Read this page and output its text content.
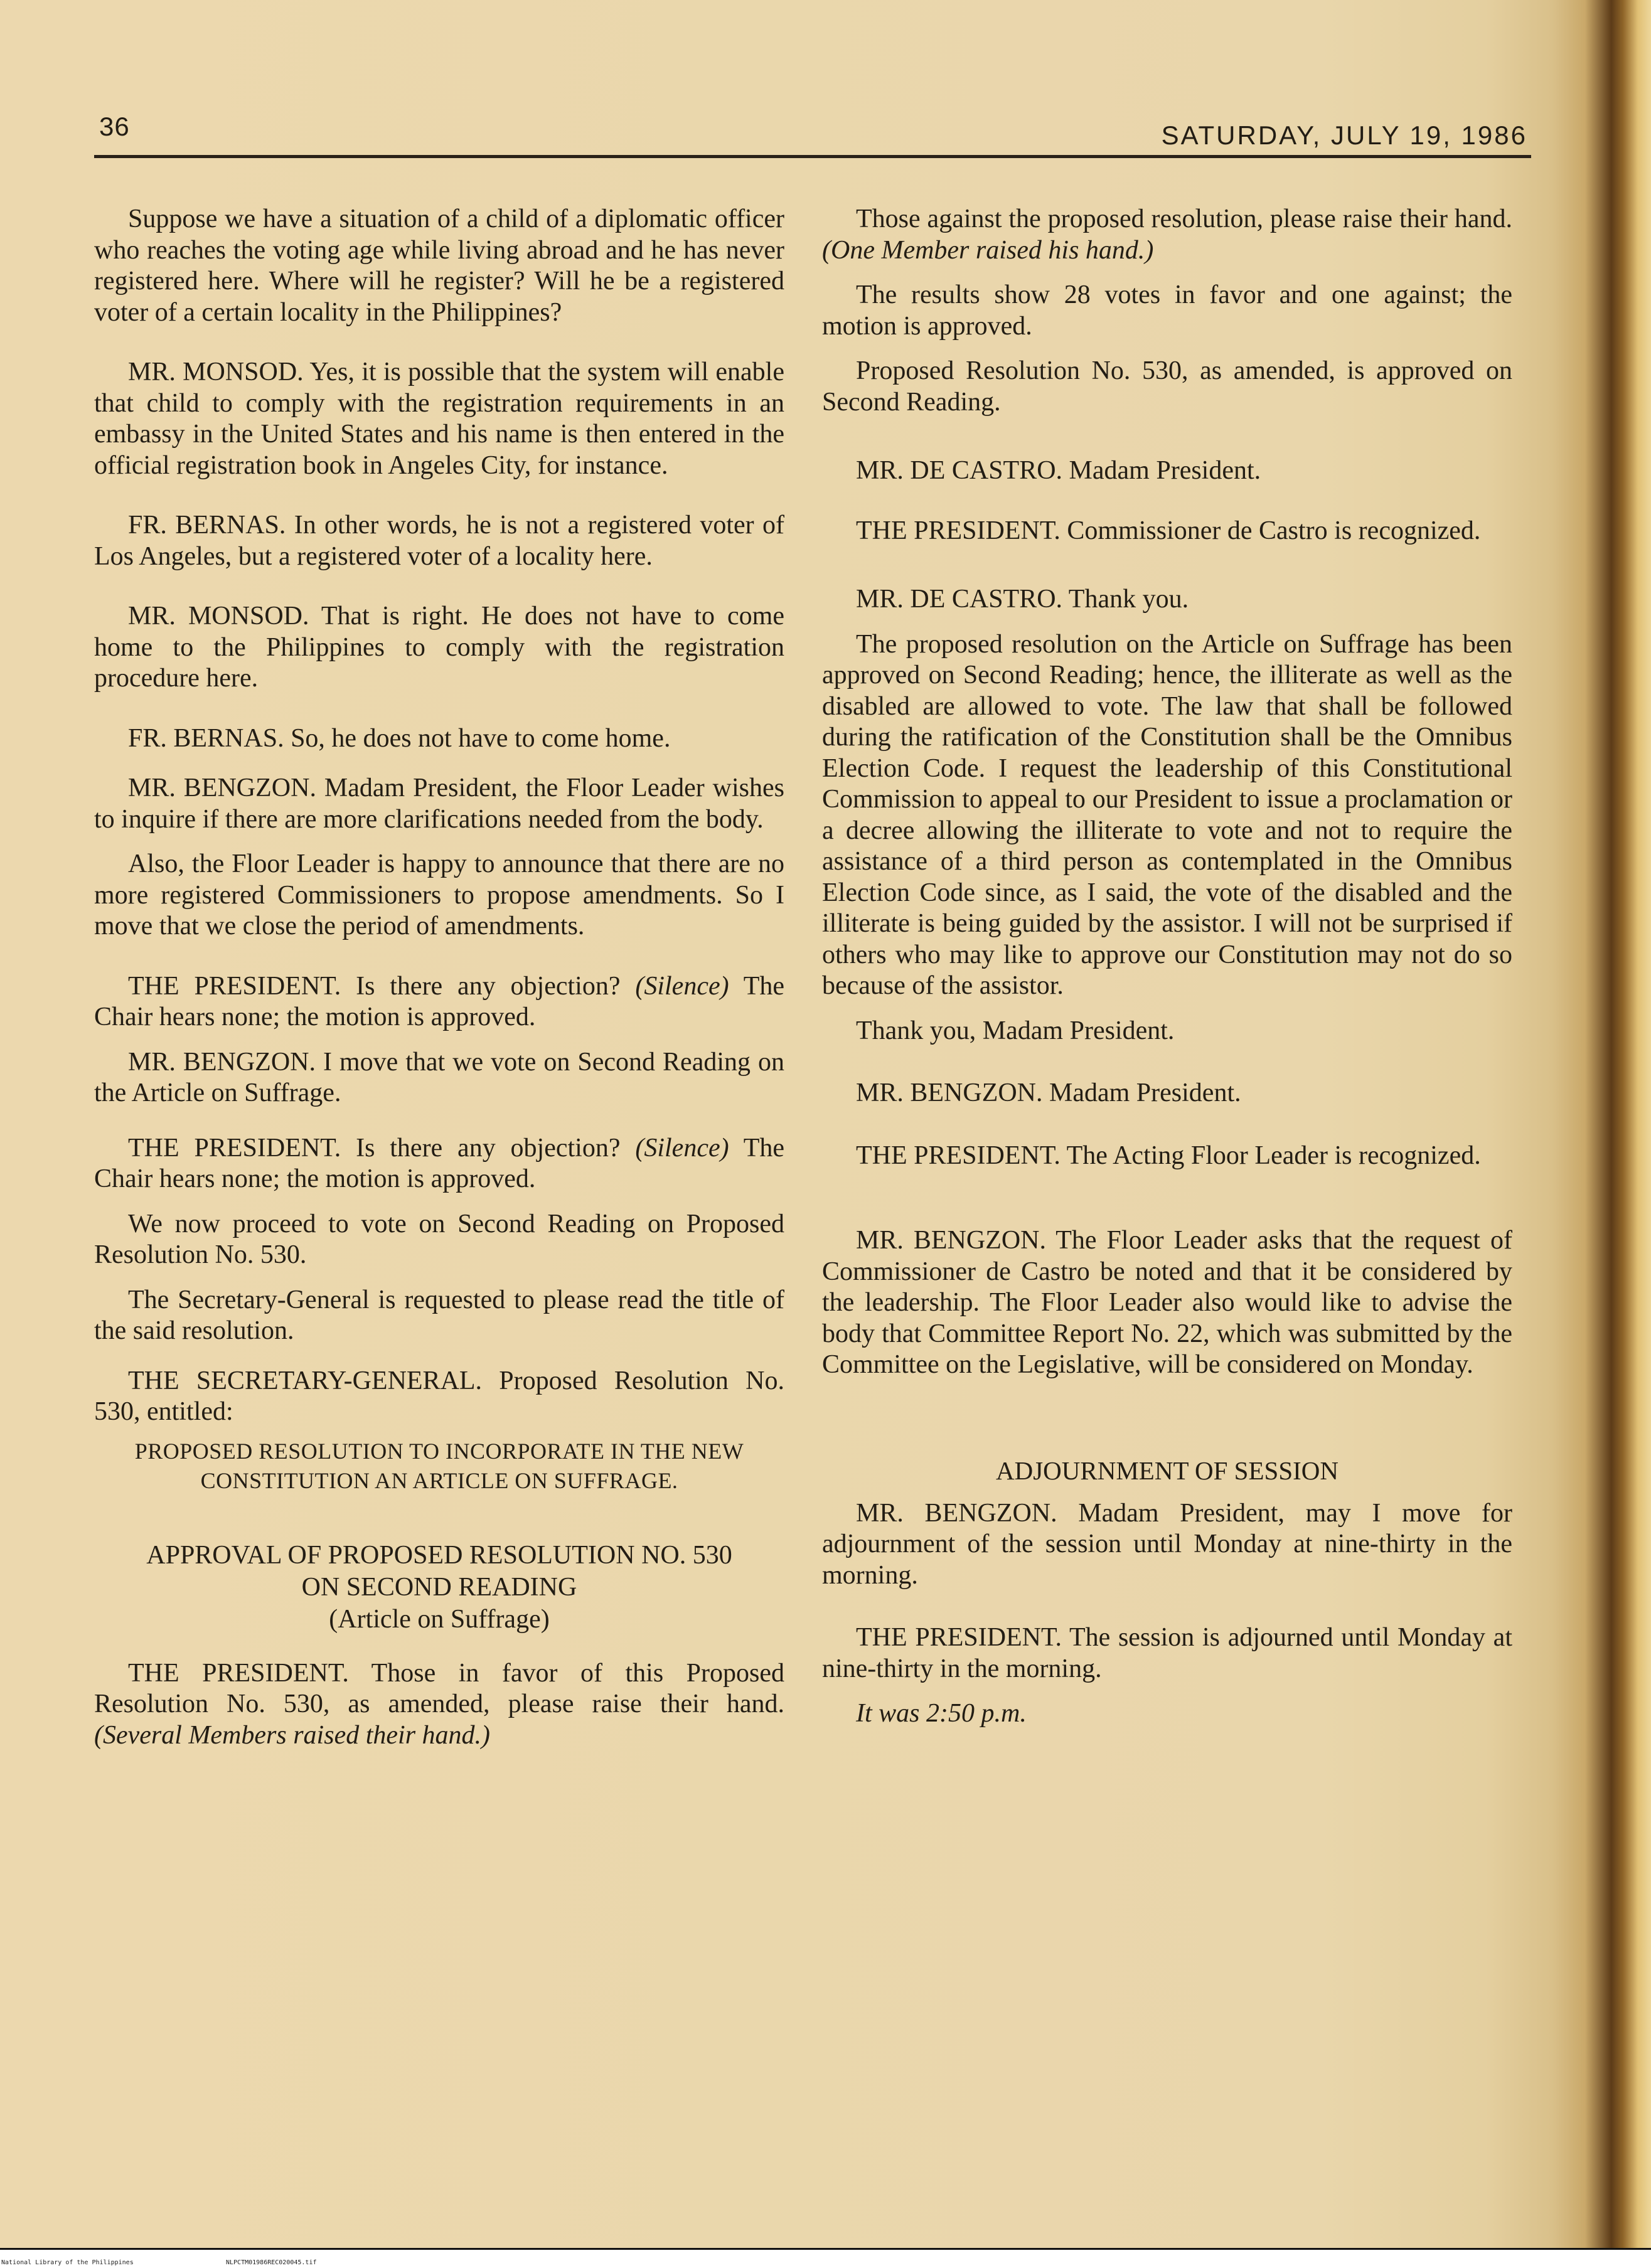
36	SATURDAY, JULY 19, 1986

Suppose we have a situation of a child of a diplomatic officer who reaches the voting age while living abroad and he has never registered here. Where will he register? Will he be a registered voter of a certain locality in the Philippines?

MR. MONSOD. Yes, it is possible that the system will enable that child to comply with the registration requirements in an embassy in the United States and his name is then entered in the official registration book in Angeles City, for instance.

FR. BERNAS. In other words, he is not a registered voter of Los Angeles, but a registered voter of a locality here.

MR. MONSOD. That is right. He does not have to come home to the Philippines to comply with the registration procedure here.

FR. BERNAS. So, he does not have to come home.

MR. BENGZON. Madam President, the Floor Leader wishes to inquire if there are more clarifications needed from the body.

Also, the Floor Leader is happy to announce that there are no more registered Commissioners to propose amendments. So I move that we close the period of amendments.

THE PRESIDENT. Is there any objection? (Silence) The Chair hears none; the motion is approved.

MR. BENGZON. I move that we vote on Second Reading on the Article on Suffrage.

THE PRESIDENT. Is there any objection? (Silence) The Chair hears none; the motion is approved.

We now proceed to vote on Second Reading on Proposed Resolution No. 530.

The Secretary-General is requested to please read the title of the said resolution.

THE SECRETARY-GENERAL. Proposed Resolution No. 530, entitled:

PROPOSED RESOLUTION TO INCORPORATE IN THE NEW CONSTITUTION AN ARTICLE ON SUFFRAGE.

APPROVAL OF PROPOSED RESOLUTION NO. 530
ON SECOND READING
(Article on Suffrage)

THE PRESIDENT. Those in favor of this Proposed Resolution No. 530, as amended, please raise their hand. (Several Members raised their hand.)

Those against the proposed resolution, please raise their hand. (One Member raised his hand.)

The results show 28 votes in favor and one against; the motion is approved.

Proposed Resolution No. 530, as amended, is approved on Second Reading.

MR. DE CASTRO. Madam President.

THE PRESIDENT. Commissioner de Castro is recognized.

MR. DE CASTRO. Thank you.

The proposed resolution on the Article on Suffrage has been approved on Second Reading; hence, the illiterate as well as the disabled are allowed to vote. The law that shall be followed during the ratification of the Constitution shall be the Omnibus Election Code. I request the leadership of this Constitutional Commission to appeal to our President to issue a proclamation or a decree allowing the illiterate to vote and not to require the assistance of a third person as contemplated in the Omnibus Election Code since, as I said, the vote of the disabled and the illiterate is being guided by the assistor. I will not be surprised if others who may like to approve our Constitution may not do so because of the assistor.

Thank you, Madam President.

MR. BENGZON. Madam President.

THE PRESIDENT. The Acting Floor Leader is recognized.

MR. BENGZON. The Floor Leader asks that the request of Commissioner de Castro be noted and that it be considered by the leadership. The Floor Leader also would like to advise the body that Committee Report No. 22, which was submitted by the Committee on the Legislative, will be considered on Monday.

ADJOURNMENT OF SESSION

MR. BENGZON. Madam President, may I move for adjournment of the session until Monday at nine-thirty in the morning.

THE PRESIDENT. The session is adjourned until Monday at nine-thirty in the morning.

It was 2:50 p.m.

National Library of the Philippines	NLPCTM01986REC020045.tif
